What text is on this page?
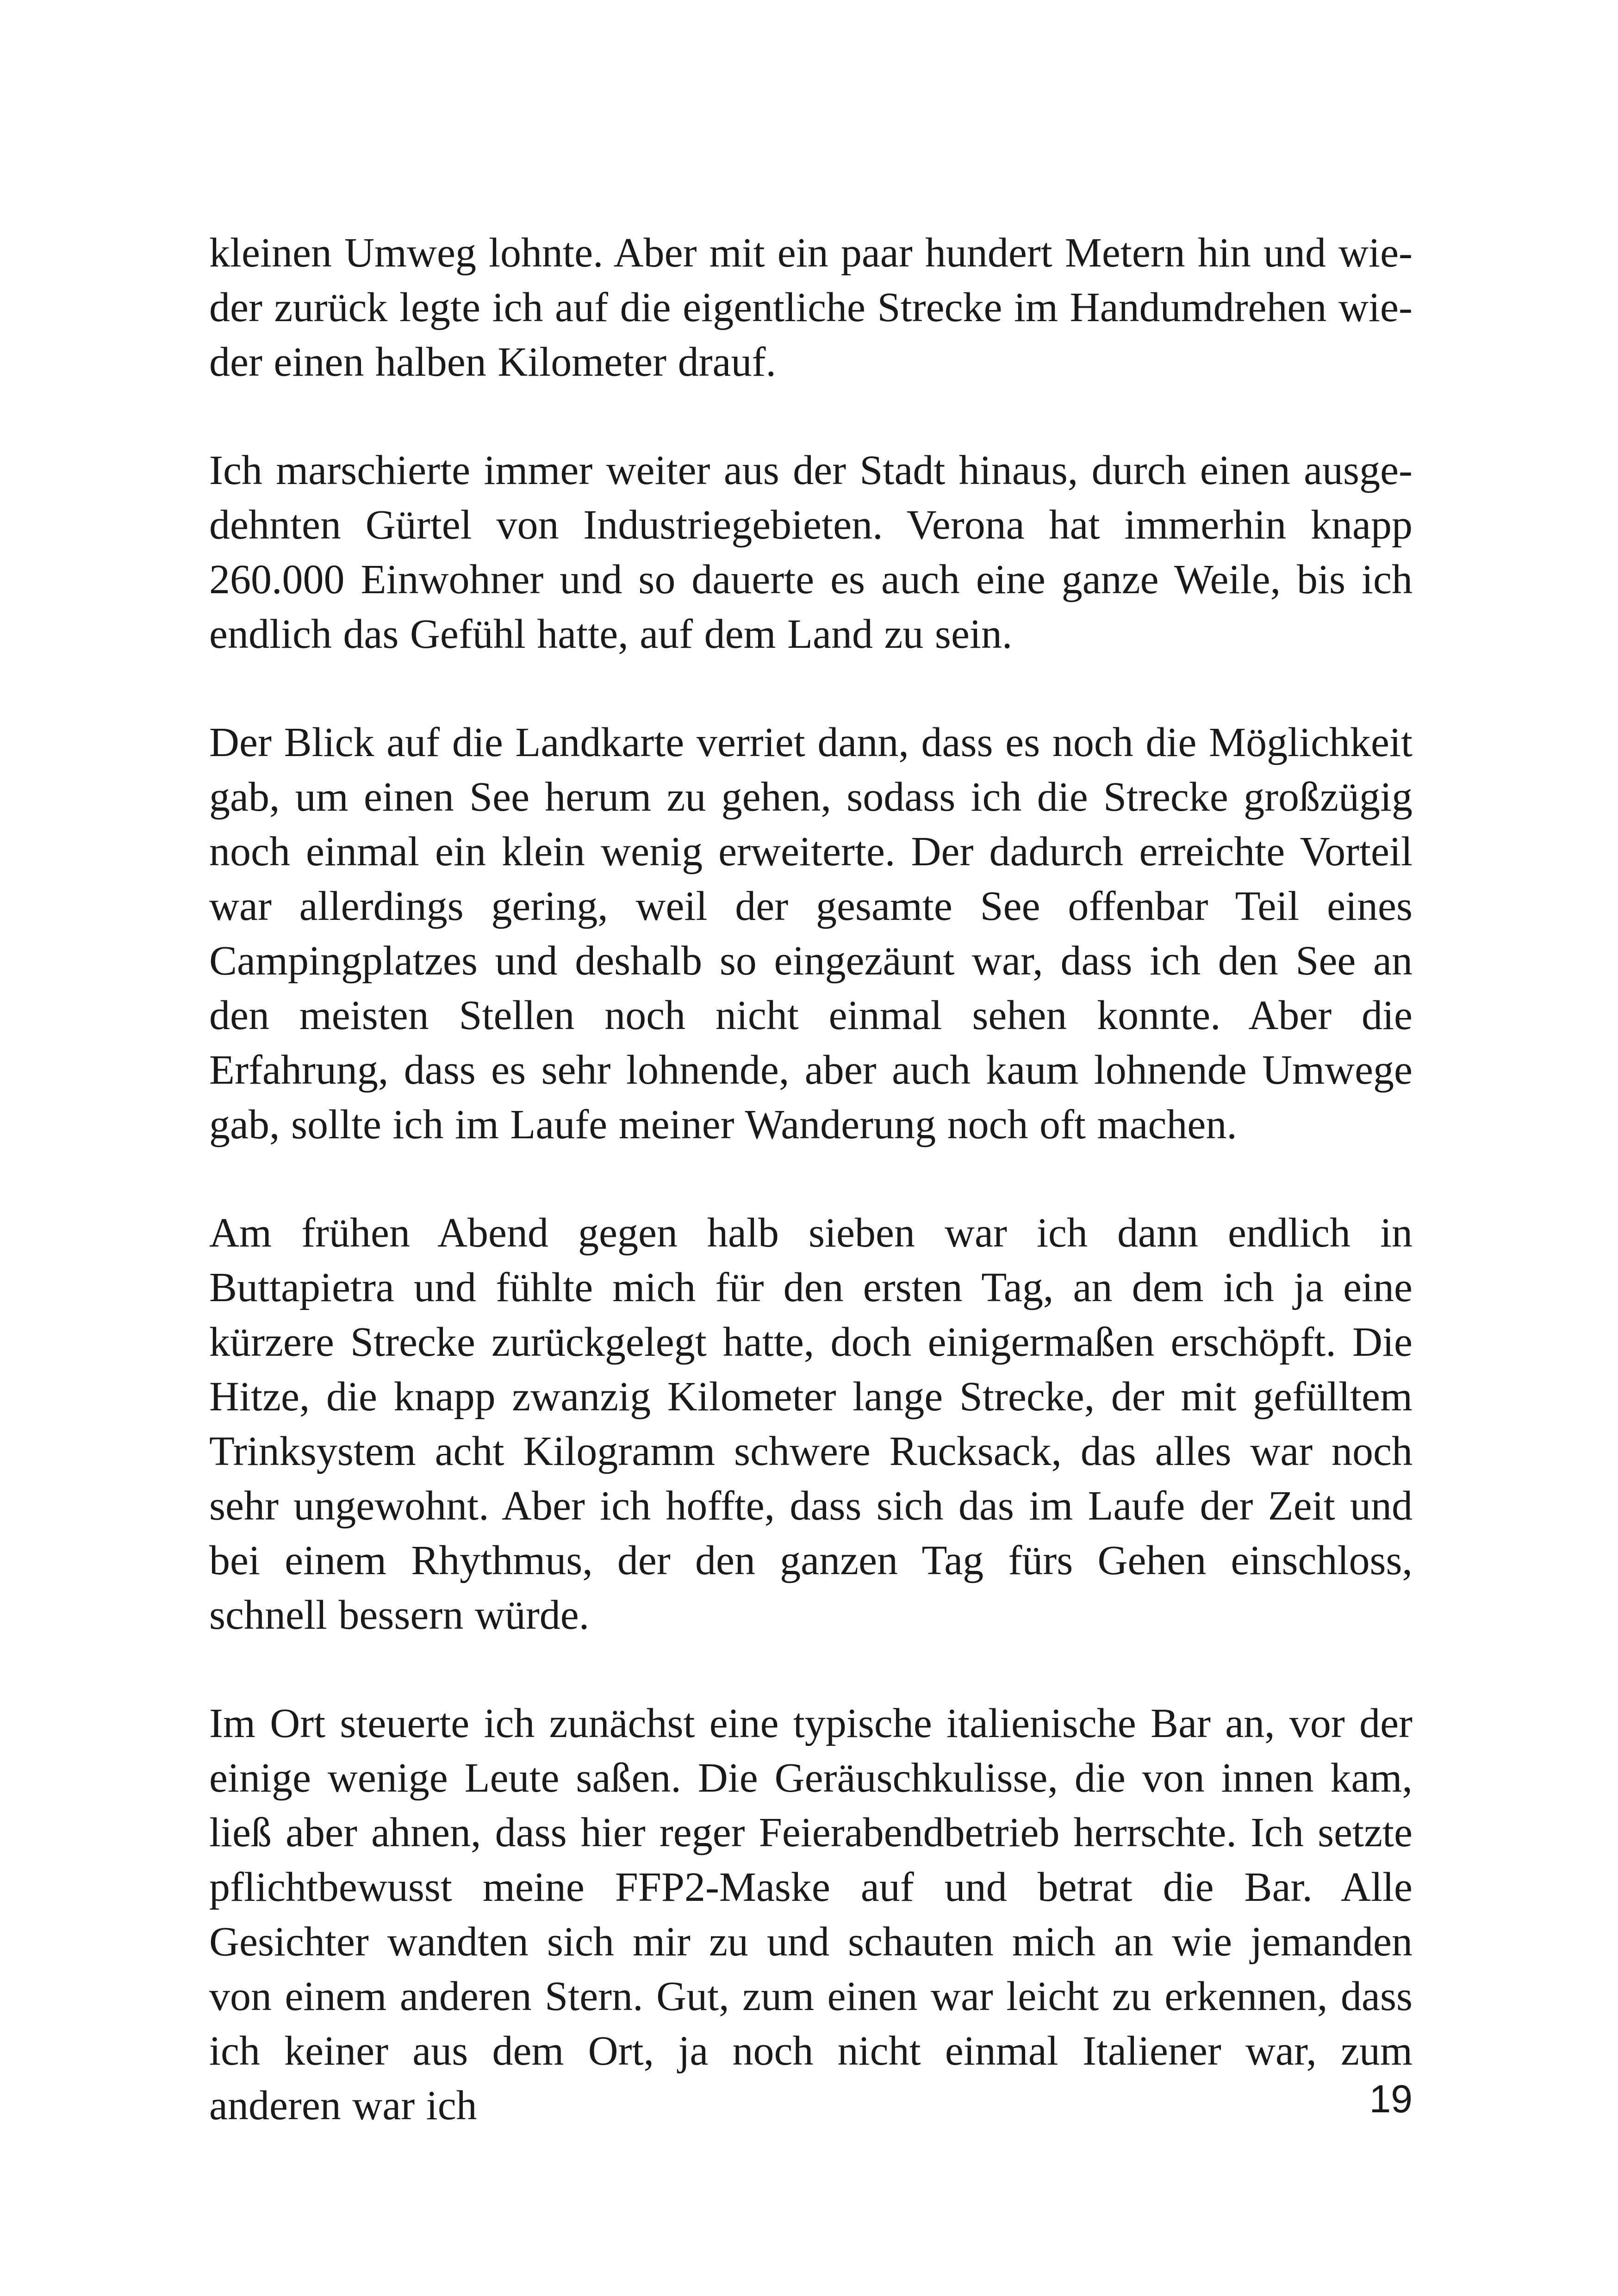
kleinen Umweg lohnte. Aber mit ein paar hundert Metern hin und wieder zurück legte ich auf die eigentliche Strecke im Handumdrehen wieder einen halben Kilometer drauf.

Ich marschierte immer weiter aus der Stadt hinaus, durch einen ausgedehnten Gürtel von Industriegebieten. Verona hat immerhin knapp 260.000 Einwohner und so dauerte es auch eine ganze Weile, bis ich endlich das Gefühl hatte, auf dem Land zu sein.

Der Blick auf die Landkarte verriet dann, dass es noch die Möglichkeit gab, um einen See herum zu gehen, sodass ich die Strecke großzügig noch einmal ein klein wenig erweiterte. Der dadurch erreichte Vorteil war allerdings gering, weil der gesamte See offenbar Teil eines Campingplatzes und deshalb so eingezäunt war, dass ich den See an den meisten Stellen noch nicht einmal sehen konnte. Aber die Erfahrung, dass es sehr lohnende, aber auch kaum lohnende Umwege gab, sollte ich im Laufe meiner Wanderung noch oft machen.

Am frühen Abend gegen halb sieben war ich dann endlich in Buttapietra und fühlte mich für den ersten Tag, an dem ich ja eine kürzere Strecke zurückgelegt hatte, doch einigermaßen erschöpft. Die Hitze, die knapp zwanzig Kilometer lange Strecke, der mit gefülltem Trinksystem acht Kilogramm schwere Rucksack, das alles war noch sehr ungewohnt. Aber ich hoffte, dass sich das im Laufe der Zeit und bei einem Rhythmus, der den ganzen Tag fürs Gehen einschloss, schnell bessern würde.

Im Ort steuerte ich zunächst eine typische italienische Bar an, vor der einige wenige Leute saßen. Die Geräuschkulisse, die von innen kam, ließ aber ahnen, dass hier reger Feierabendbetrieb herrschte. Ich setzte pflichtbewusst meine FFP2-Maske auf und betrat die Bar. Alle Gesichter wandten sich mir zu und schauten mich an wie jemanden von einem anderen Stern. Gut, zum einen war leicht zu erkennen, dass ich keiner aus dem Ort, ja noch nicht einmal Italiener war, zum anderen war ich	19
